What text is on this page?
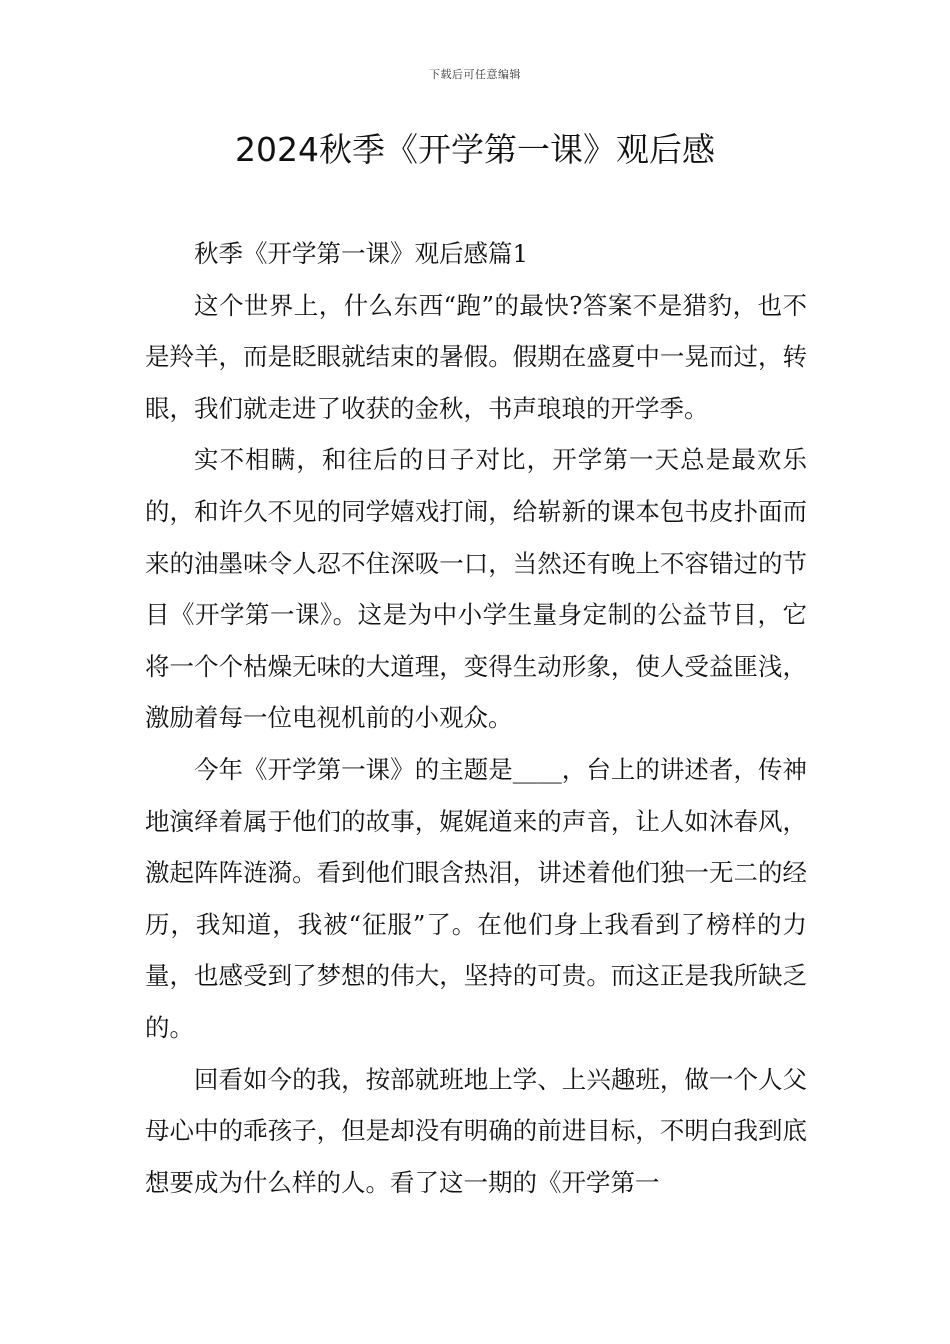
下载后可任意编辑
2024秋季《开学第一课》观后感

秋季《开学第一课》观后感篇1

这个世界上，什么东西“跑”的最快?答案不是猎豹，也不是羚羊，而是眨眼就结束的暑假。假期在盛夏中一晃而过，转眼，我们就走进了收获的金秋，书声琅琅的开学季。

实不相瞒，和往后的日子对比，开学第一天总是最欢乐的，和许久不见的同学嬉戏打闹，给崭新的课本包书皮扑面而来的油墨味令人忍不住深吸一口，当然还有晚上不容错过的节目《开学第一课》。这是为中小学生量身定制的公益节目，它将一个个枯燥无味的大道理，变得生动形象，使人受益匪浅，激励着每一位电视机前的小观众。

今年《开学第一课》的主题是____，台上的讲述者，传神地演绎着属于他们的故事，娓娓道来的声音，让人如沐春风，激起阵阵涟漪。看到他们眼含热泪，讲述着他们独一无二的经历，我知道，我被“征服”了。在他们身上我看到了榜样的力量，也感受到了梦想的伟大，坚持的可贵。而这正是我所缺乏的。

回看如今的我，按部就班地上学、上兴趣班，做一个人父母心中的乖孩子，但是却没有明确的前进目标，不明白我到底想要成为什么样的人。看了这一期的《开学第一
